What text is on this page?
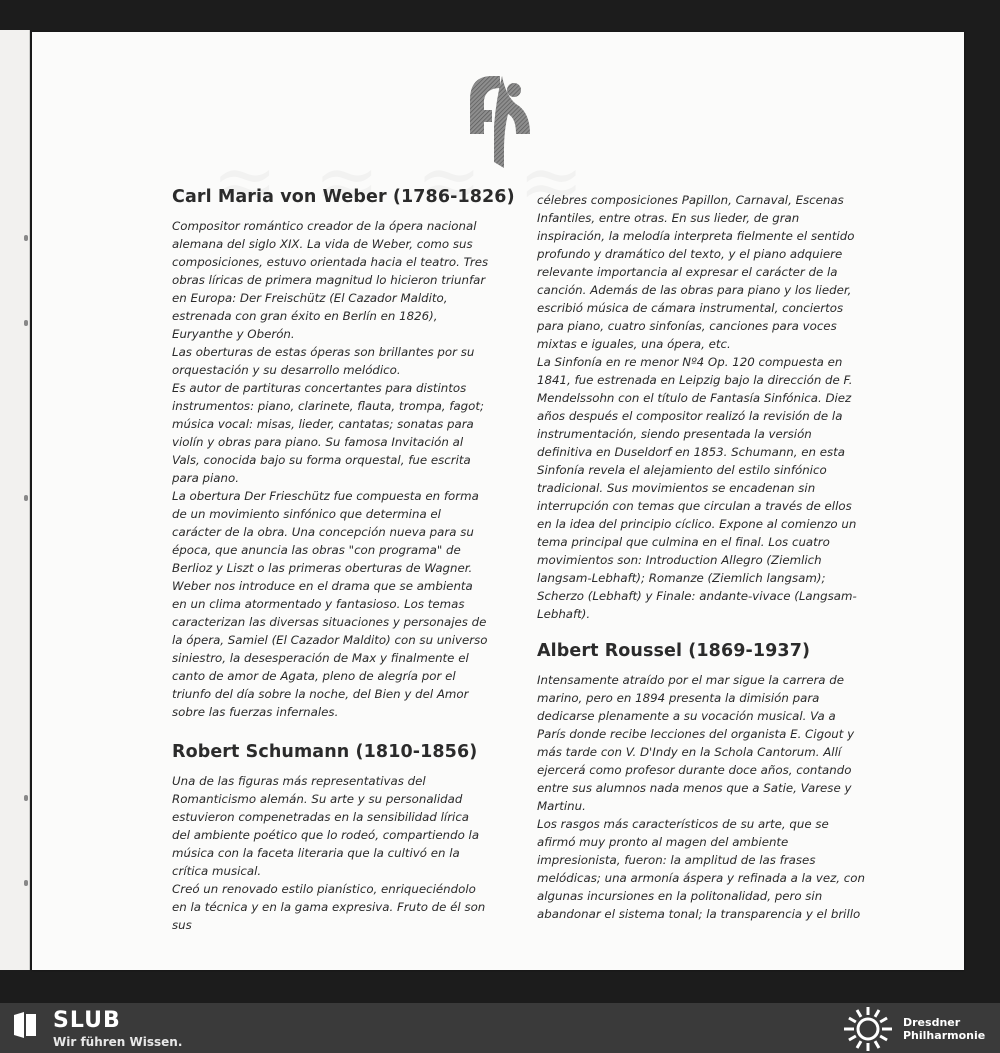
Carl Maria von Weber (1786-1826)

Compositor romántico creador de la ópera nacional alemana del siglo XIX. La vida de Weber, como sus composiciones, estuvo orientada hacia el teatro. Tres obras líricas de primera magnitud lo hicieron triunfar en Europa: Der Freischütz (El Cazador Maldito, estrenada con gran éxito en Berlín en 1826), Euryanthe y Oberón.

Las oberturas de estas óperas son brillantes por su orquestación y su desarrollo melódico.

Es autor de partituras concertantes para distintos instrumentos: piano, clarinete, flauta, trompa, fagot; música vocal: misas, lieder, cantatas; sonatas para violín y obras para piano. Su famosa Invitación al Vals, conocida bajo su forma orquestal, fue escrita para piano.

La obertura Der Frieschütz fue compuesta en forma de un movimiento sinfónico que determina el carácter de la obra. Una concepción nueva para su época, que anuncia las obras "con programa" de Berlioz y Liszt o las primeras oberturas de Wagner. Weber nos introduce en el drama que se ambienta en un clima atormentado y fantasioso. Los temas caracterizan las diversas situaciones y personajes de la ópera, Samiel (El Cazador Maldito) con su universo siniestro, la desesperación de Max y finalmente el canto de amor de Agata, pleno de alegría por el triunfo del día sobre la noche, del Bien y del Amor sobre las fuerzas infernales.

Robert Schumann (1810-1856)

Una de las figuras más representativas del Romanticismo alemán. Su arte y su personalidad estuvieron compenetradas en la sensibilidad lírica del ambiente poético que lo rodeó, compartiendo la música con la faceta literaria que la cultivó en la crítica musical.

Creó un renovado estilo pianístico, enriqueciéndolo en la técnica y en la gama expresiva. Fruto de él son sus

célebres composiciones Papillon, Carnaval, Escenas Infantiles, entre otras. En sus lieder, de gran inspiración, la melodía interpreta fielmente el sentido profundo y dramático del texto, y el piano adquiere relevante importancia al expresar el carácter de la canción. Además de las obras para piano y los lieder, escribió música de cámara instrumental, conciertos para piano, cuatro sinfonías, canciones para voces mixtas e iguales, una ópera, etc.

La Sinfonía en re menor Nº4 Op. 120 compuesta en 1841, fue estrenada en Leipzig bajo la dirección de F. Mendelssohn con el título de Fantasía Sinfónica. Diez años después el compositor realizó la revisión de la instrumentación, siendo presentada la versión definitiva en Duseldorf en 1853. Schumann, en esta Sinfonía revela el alejamiento del estilo sinfónico tradicional. Sus movimientos se encadenan sin interrupción con temas que circulan a través de ellos en la idea del principio cíclico. Expone al comienzo un tema principal que culmina en el final. Los cuatro movimientos son: Introduction Allegro (Ziemlich langsam-Lebhaft); Romanze (Ziemlich langsam); Scherzo (Lebhaft) y Finale: andante-vivace (Langsam-Lebhaft).

Albert Roussel (1869-1937)

Intensamente atraído por el mar sigue la carrera de marino, pero en 1894 presenta la dimisión para dedicarse plenamente a su vocación musical. Va a París donde recibe lecciones del organista E. Cigout y más tarde con V. D'Indy en la Schola Cantorum. Allí ejercerá como profesor durante doce años, contando entre sus alumnos nada menos que a Satie, Varese y Martinu.

Los rasgos más característicos de su arte, que se afirmó muy pronto al magen del ambiente impresionista, fueron: la amplitud de las frases melódicas; una armonía áspera y refinada a la vez, con algunas incursiones en la politonalidad, pero sin abandonar el sistema tonal; la transparencia y el brillo

SLUB
Wir führen Wissen.
Dresdner
Philharmonie
